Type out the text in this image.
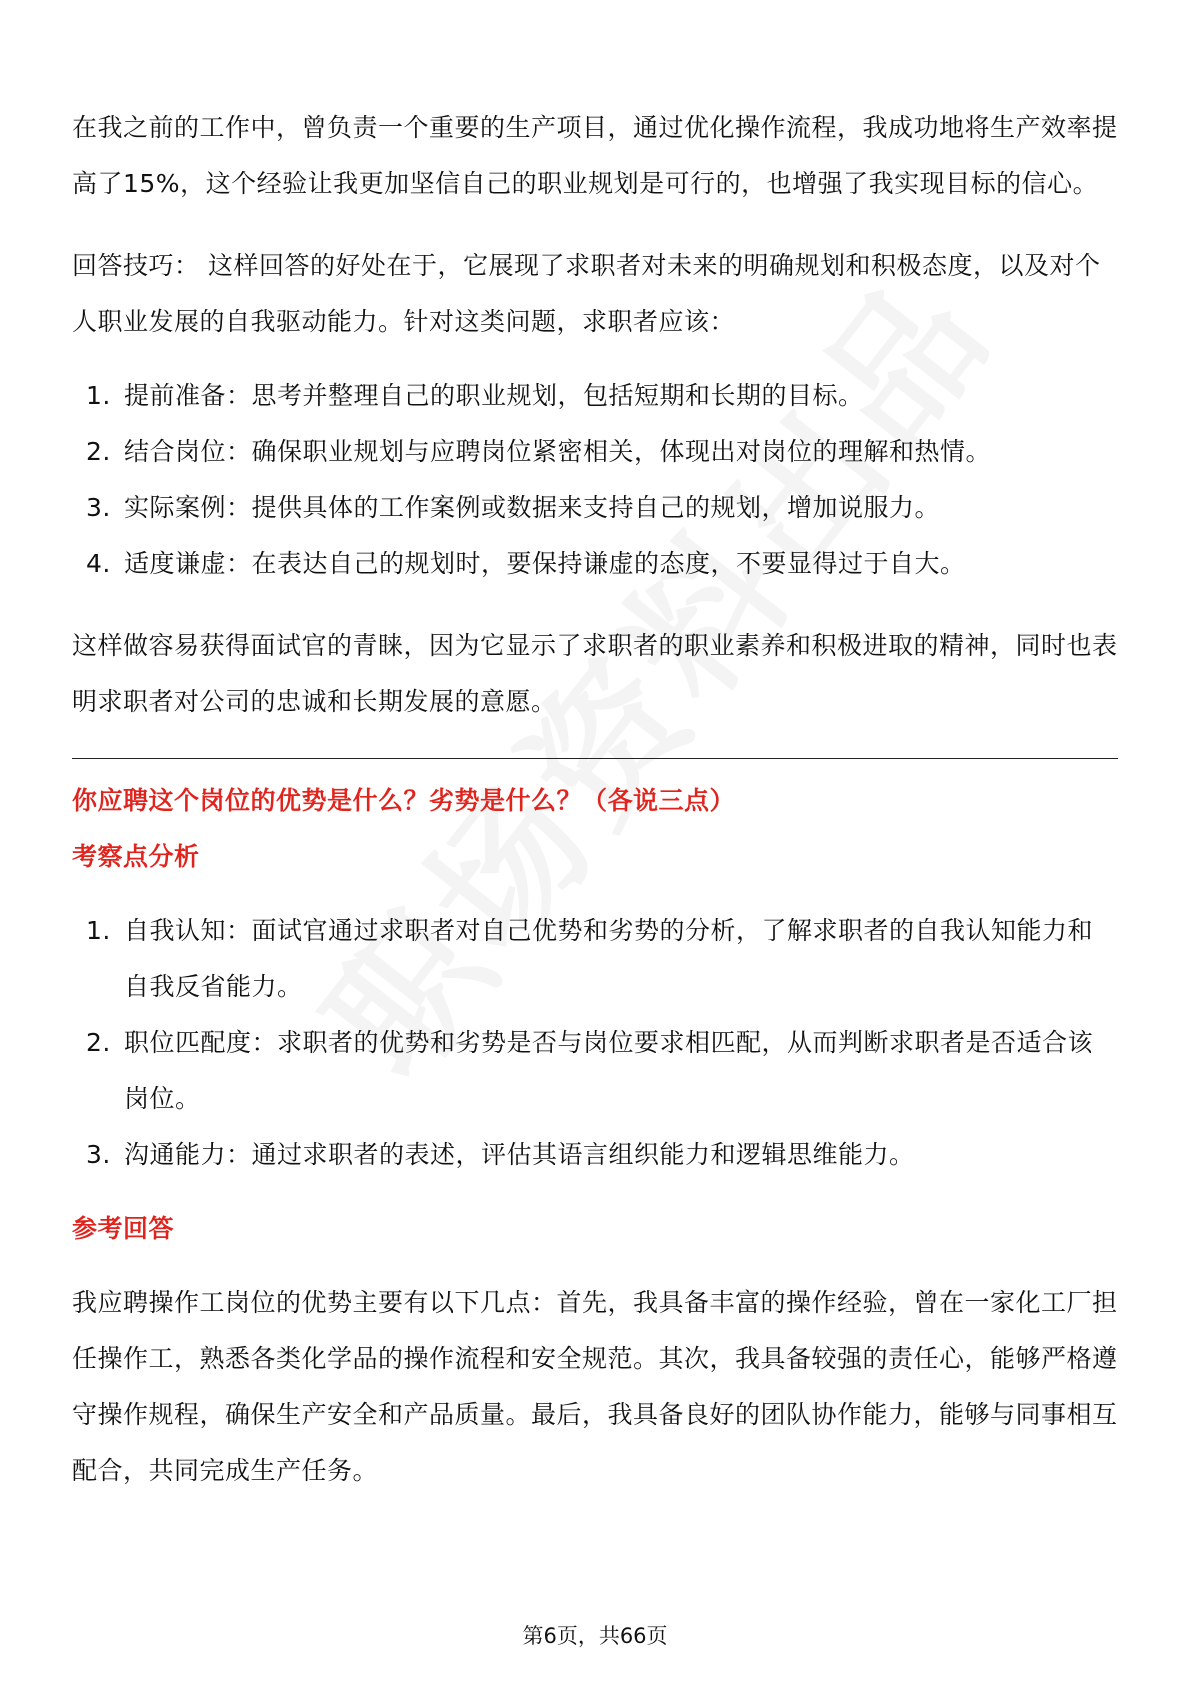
在我之前的工作中，曾负责一个重要的生产项目，通过优化操作流程，我成功地将生产效率提高了15%，这个经验让我更加坚信自己的职业规划是可行的，也增强了我实现目标的信心。

回答技巧： 这样回答的好处在于，它展现了求职者对未来的明确规划和积极态度，以及对个人职业发展的自我驱动能力。针对这类问题，求职者应该：

1. 提前准备：思考并整理自己的职业规划，包括短期和长期的目标。
2. 结合岗位：确保职业规划与应聘岗位紧密相关，体现出对岗位的理解和热情。
3. 实际案例：提供具体的工作案例或数据来支持自己的规划，增加说服力。
4. 适度谦虚：在表达自己的规划时，要保持谦虚的态度，不要显得过于自大。

这样做容易获得面试官的青睐，因为它显示了求职者的职业素养和积极进取的精神，同时也表明求职者对公司的忠诚和长期发展的意愿。

你应聘这个岗位的优势是什么？劣势是什么？（各说三点）

考察点分析

1. 自我认知：面试官通过求职者对自己优势和劣势的分析，了解求职者的自我认知能力和自我反省能力。
2. 职位匹配度：求职者的优势和劣势是否与岗位要求相匹配，从而判断求职者是否适合该岗位。
3. 沟通能力：通过求职者的表述，评估其语言组织能力和逻辑思维能力。

参考回答

我应聘操作工岗位的优势主要有以下几点：首先，我具备丰富的操作经验，曾在一家化工厂担任操作工，熟悉各类化学品的操作流程和安全规范。其次，我具备较强的责任心，能够严格遵守操作规程，确保生产安全和产品质量。最后，我具备良好的团队协作能力，能够与同事相互配合，共同完成生产任务。

第6页，共66页
